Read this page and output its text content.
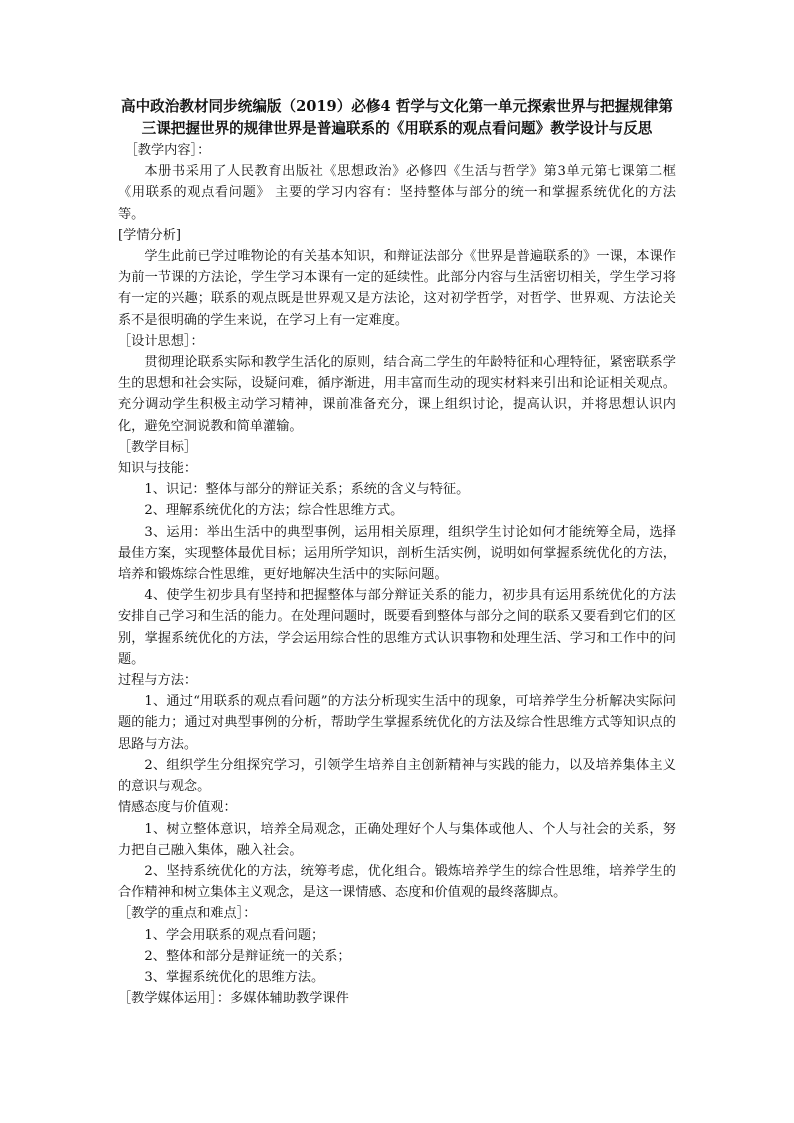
高中政治教材同步统编版（2019）必修4 哲学与文化第一单元探索世界与把握规律第三课把握世界的规律世界是普遍联系的《用联系的观点看问题》教学设计与反思
［教学内容］：
本册书采用了人民教育出版社《思想政治》必修四《生活与哲学》第3单元第七课第二框《用联系的观点看问题》 主要的学习内容有：坚持整体与部分的统一和掌握系统优化的方法等。
[学情分析]
学生此前已学过唯物论的有关基本知识，和辩证法部分《世界是普遍联系的》一课，本课作为前一节课的方法论，学生学习本课有一定的延续性。此部分内容与生活密切相关，学生学习将有一定的兴趣；联系的观点既是世界观又是方法论，这对初学哲学，对哲学、世界观、方法论关系不是很明确的学生来说，在学习上有一定难度。
［设计思想］：
贯彻理论联系实际和教学生活化的原则，结合高二学生的年龄特征和心理特征，紧密联系学生的思想和社会实际，设疑问难，循序渐进，用丰富而生动的现实材料来引出和论证相关观点。充分调动学生积极主动学习精神，课前准备充分，课上组织讨论，提高认识，并将思想认识内化，避免空洞说教和简单灌输。
［教学目标］
知识与技能：
1、识记：整体与部分的辩证关系；系统的含义与特征。
2、理解系统优化的方法；综合性思维方式。
3、运用：举出生活中的典型事例，运用相关原理，组织学生讨论如何才能统筹全局，选择最佳方案，实现整体最优目标；运用所学知识，剖析生活实例，说明如何掌握系统优化的方法，培养和锻炼综合性思维，更好地解决生活中的实际问题。
4、使学生初步具有坚持和把握整体与部分辩证关系的能力，初步具有运用系统优化的方法安排自己学习和生活的能力。在处理问题时，既要看到整体与部分之间的联系又要看到它们的区别，掌握系统优化的方法，学会运用综合性的思维方式认识事物和处理生活、学习和工作中的问题。
过程与方法：
1、通过“用联系的观点看问题”的方法分析现实生活中的现象，可培养学生分析解决实际问题的能力；通过对典型事例的分析，帮助学生掌握系统优化的方法及综合性思维方式等知识点的思路与方法。
2、组织学生分组探究学习，引领学生培养自主创新精神与实践的能力，以及培养集体主义的意识与观念。
情感态度与价值观：
1、树立整体意识，培养全局观念，正确处理好个人与集体或他人、个人与社会的关系，努力把自己融入集体，融入社会。
2、坚持系统优化的方法，统筹考虑，优化组合。锻炼培养学生的综合性思维，培养学生的合作精神和树立集体主义观念，是这一课情感、态度和价值观的最终落脚点。
［教学的重点和难点］：
1、学会用联系的观点看问题；
2、整体和部分是辩证统一的关系；
3、掌握系统优化的思维方法。
［教学媒体运用］：多媒体辅助教学课件
